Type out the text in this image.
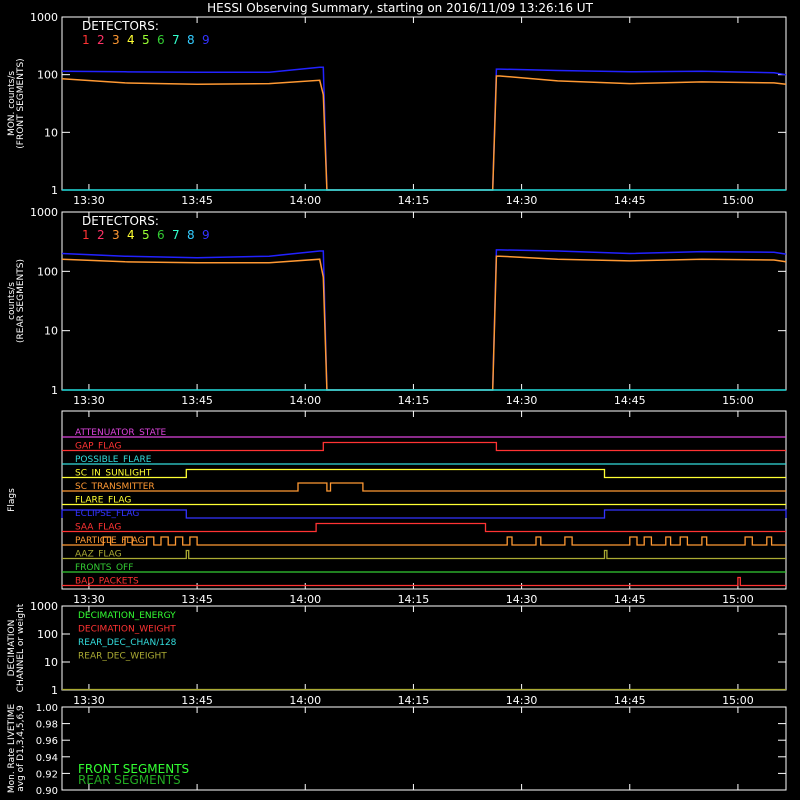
HESSI Observing Summary, starting on 2016/11/09 13:26:16 UT
13:30	13:45	14:00	14:15	14:30	14:45	15:00
MON. counts/s (FRONT SEGMENTS)
1
10
100
1000
DETECTORS:
1 2 3 4 5 6 7 8 9
13:30	13:45	14:00	14:15	14:30	14:45	15:00
counts/s (REAR SEGMENTS)
1
10
100
1000
DETECTORS:
1 2 3 4 5 6 7 8 9
13:30	13:45	14:00	14:15	14:30	14:45	15:00
Flags
ATTENUATOR_STATE
GAP_FLAG
POSSIBLE_FLARE
SC_IN_SUNLIGHT
SC_TRANSMITTER
FLARE_FLAG
ECLIPSE_FLAG
SAA_FLAG
PARTICLE_FLAG
AAZ_FLAG
FRONTS_OFF
BAD_PACKETS
13:30	13:45	14:00	14:15	14:30	14:45	15:00
DECIMATION CHANNEL or weight 1
10
100
1000
DECIMATION_ENERGY
DECIMATION_WEIGHT
REAR_DEC_CHAN/128
REAR_DEC_WEIGHT
Mon. Rate LIVETIME avg of D1,3,4,5,6,9 0.90
0.92
0.94
0.96
0.98
1.00
FRONT SEGMENTS
REAR SEGMENTS
